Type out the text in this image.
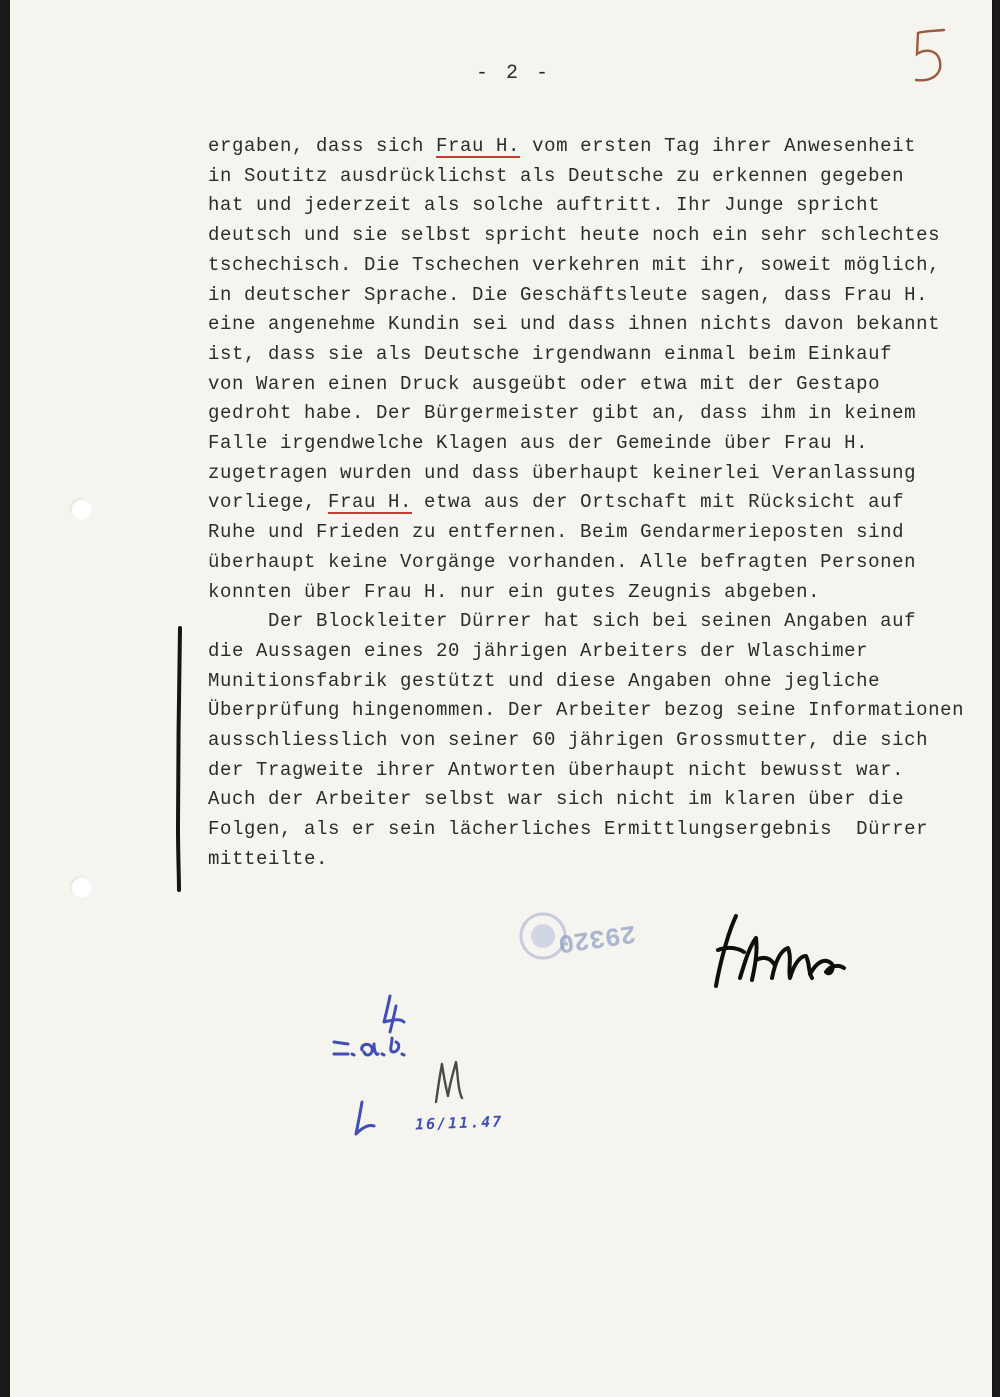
- 2 -

ergaben, dass sich Frau H. vom ersten Tag ihrer Anwesenheit
in Soutitz ausdrücklichst als Deutsche zu erkennen gegeben
hat und jederzeit als solche auftritt. Ihr Junge spricht
deutsch und sie selbst spricht heute noch ein sehr schlechtes
tschechisch. Die Tschechen verkehren mit ihr, soweit möglich,
in deutscher Sprache. Die Geschäftsleute sagen, dass Frau H.
eine angenehme Kundin sei und dass ihnen nichts davon bekannt
ist, dass sie als Deutsche irgendwann einmal beim Einkauf
von Waren einen Druck ausgeübt oder etwa mit der Gestapo
gedroht habe. Der Bürgermeister gibt an, dass ihm in keinem
Falle irgendwelche Klagen aus der Gemeinde über Frau H.
zugetragen wurden und dass überhaupt keinerlei Veranlassung
vorliege, Frau H. etwa aus der Ortschaft mit Rücksicht auf
Ruhe und Frieden zu entfernen. Beim Gendarmerieposten sind
überhaupt keine Vorgänge vorhanden. Alle befragten Personen
konnten über Frau H. nur ein gutes Zeugnis abgeben.
Der Blockleiter Dürrer hat sich bei seinen Angaben auf
die Aussagen eines 20 jährigen Arbeiters der Wlaschimer
Munitionsfabrik gestützt und diese Angaben ohne jegliche
Überprüfung hingenommen. Der Arbeiter bezog seine Informationen
ausschliesslich von seiner 60 jährigen Grossmutter, die sich
der Tragweite ihrer Antworten überhaupt nicht bewusst war.
Auch der Arbeiter selbst war sich nicht im klaren über die
Folgen, als er sein lächerliches Ermittlungsergebnis  Dürrer
mitteilte.

29320

16/11.47
